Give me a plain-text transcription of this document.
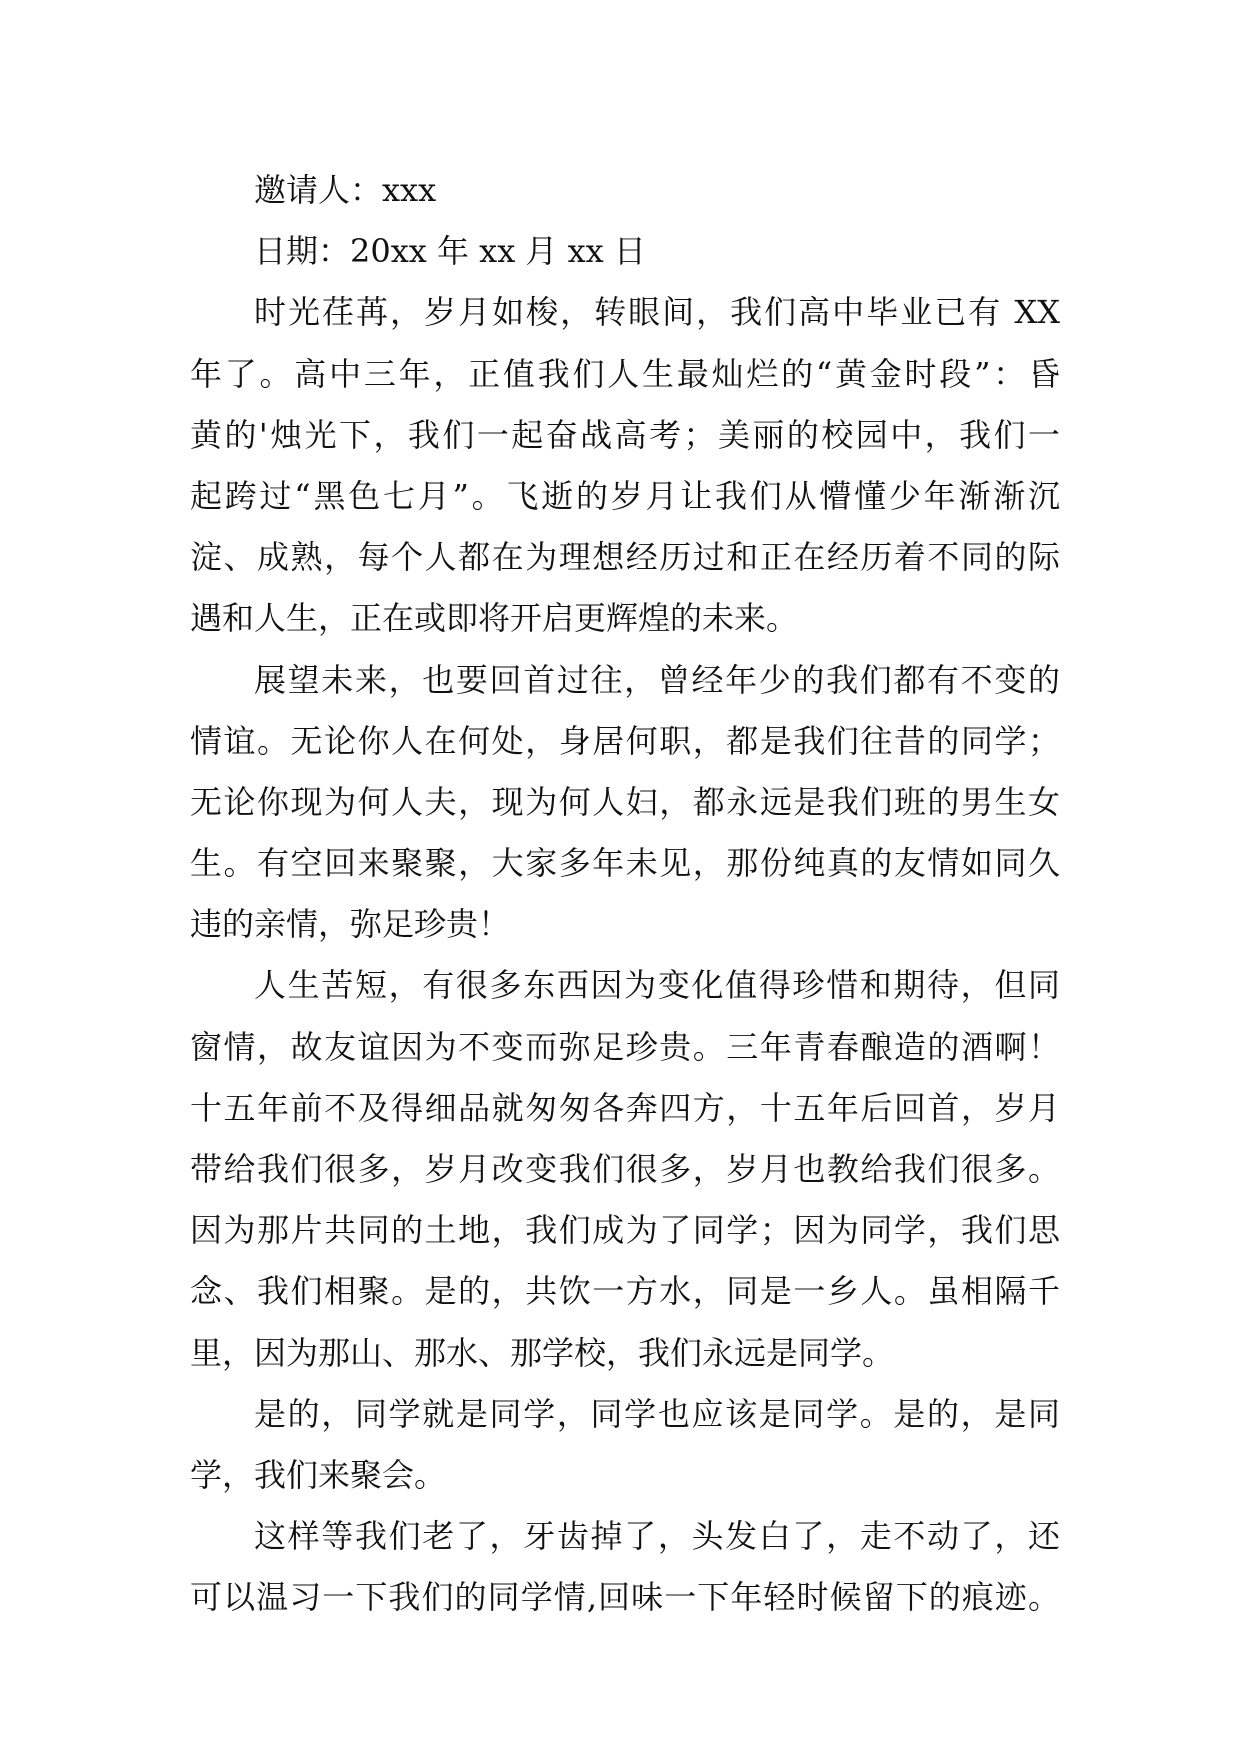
邀请人：xxx
日期：20xx 年 xx 月 xx 日
时光荏苒，岁月如梭，转眼间，我们高中毕业已有 XX
年了。高中三年，正值我们人生最灿烂的“黄金时段”：昏
黄的'烛光下，我们一起奋战高考；美丽的校园中，我们一
起跨过“黑色七月”。飞逝的岁月让我们从懵懂少年渐渐沉
淀、成熟，每个人都在为理想经历过和正在经历着不同的际
遇和人生，正在或即将开启更辉煌的未来。
展望未来，也要回首过往，曾经年少的我们都有不变的
情谊。无论你人在何处，身居何职，都是我们往昔的同学；
无论你现为何人夫，现为何人妇，都永远是我们班的男生女
生。有空回来聚聚，大家多年未见，那份纯真的友情如同久
违的亲情，弥足珍贵！
人生苦短，有很多东西因为变化值得珍惜和期待，但同
窗情，故友谊因为不变而弥足珍贵。三年青春酿造的酒啊！
十五年前不及得细品就匆匆各奔四方，十五年后回首，岁月
带给我们很多，岁月改变我们很多，岁月也教给我们很多。
因为那片共同的土地，我们成为了同学；因为同学，我们思
念、我们相聚。是的，共饮一方水，同是一乡人。虽相隔千
里，因为那山、那水、那学校，我们永远是同学。
是的，同学就是同学，同学也应该是同学。是的，是同
学，我们来聚会。
这样等我们老了，牙齿掉了，头发白了，走不动了，还
可以温习一下我们的同学情,回味一下年轻时候留下的痕迹。
